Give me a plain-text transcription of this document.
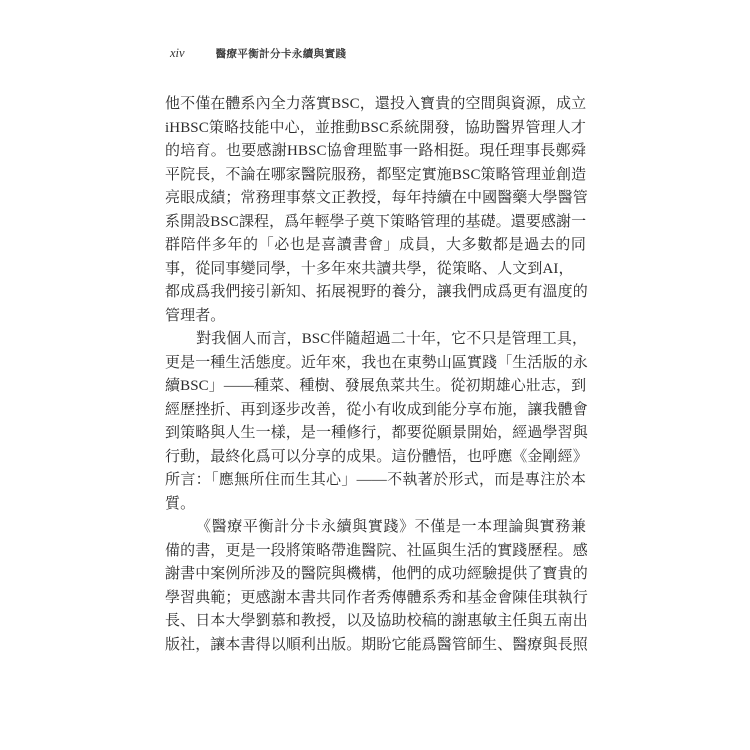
xiv	醫療平衡計分卡永續與實踐
他不僅在體系內全力落實BSC，還投入寶貴的空間與資源，成立
iHBSC策略技能中心，並推動BSC系統開發，協助醫界管理人才
的培育。也要感謝HBSC協會理監事一路相挺。現任理事長鄭舜
平院長，不論在哪家醫院服務，都堅定實施BSC策略管理並創造
亮眼成績；常務理事蔡文正教授，每年持續在中國醫藥大學醫管
系開設BSC課程，爲年輕學子奠下策略管理的基礎。還要感謝一
群陪伴多年的「必也是喜讀書會」成員，大多數都是過去的同
事，從同事變同學，十多年來共讀共學，從策略、人文到AI，
都成爲我們接引新知、拓展視野的養分，讓我們成爲更有溫度的
管理者。
對我個人而言，BSC伴隨超過二十年，它不只是管理工具，
更是一種生活態度。近年來，我也在東勢山區實踐「生活版的永
續BSC」——種菜、種樹、發展魚菜共生。從初期雄心壯志，到
經歷挫折、再到逐步改善，從小有收成到能分享布施，讓我體會
到策略與人生一樣，是一種修行，都要從願景開始，經過學習與
行動，最終化爲可以分享的成果。這份體悟，也呼應《金剛經》
所言：「應無所住而生其心」——不執著於形式，而是專注於本
質。
《醫療平衡計分卡永續與實踐》不僅是一本理論與實務兼
備的書，更是一段將策略帶進醫院、社區與生活的實踐歷程。感
謝書中案例所涉及的醫院與機構，他們的成功經驗提供了寶貴的
學習典範；更感謝本書共同作者秀傳體系秀和基金會陳佳琪執行
長、日本大學劉慕和教授，以及協助校稿的謝惠敏主任與五南出
版社，讓本書得以順利出版。期盼它能爲醫管師生、醫療與長照
